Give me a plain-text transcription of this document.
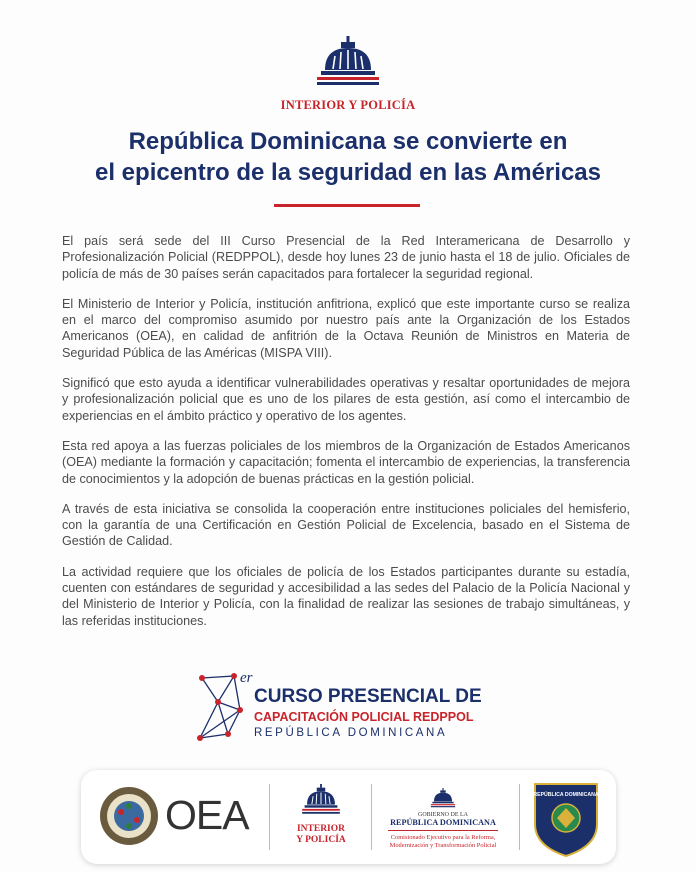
INTERIOR Y POLICÍA
República Dominicana se convierte en
el epicentro de la seguridad en las Américas

El país será sede del III Curso Presencial de la Red Interamericana de Desarrollo y Profesionalización Policial (REDPPOL), desde hoy lunes 23 de junio hasta el 18 de julio. Oficiales de policía de más de 30 países serán capacitados para fortalecer la seguridad regional.

El Ministerio de Interior y Policía, institución anfitriona, explicó que este importante curso se realiza en el marco del compromiso asumido por nuestro país ante la Organización de los Estados Americanos (OEA), en calidad de anfitrión de la Octava Reunión de Ministros en Materia de Seguridad Pública de las Américas (MISPA VIII).

Significó que esto ayuda a identificar vulnerabilidades operativas y resaltar oportunidades de mejora y profesionalización policial que es uno de los pilares de esta gestión, así como el intercambio de experiencias en el ámbito práctico y operativo de los agentes.

Esta red apoya a las fuerzas policiales de los miembros de la Organización de Estados Americanos (OEA) mediante la formación y capacitación; fomenta el intercambio de experiencias, la transferencia de conocimientos y la adopción de buenas prácticas en la gestión policial.

A través de esta iniciativa se consolida la cooperación entre instituciones policiales del hemisferio, con la garantía de una Certificación en Gestión Policial de Excelencia, basado en el Sistema de Gestión de Calidad.

La actividad requiere que los oficiales de policía de los Estados participantes durante su estadía, cuenten con estándares de seguridad y accesibilidad a las sedes del Palacio de la Policía Nacional y del Ministerio de Interior y Policía, con la finalidad de realizar las sesiones de trabajo simultáneas, y las referidas instituciones.

er
CURSO PRESENCIAL DE
CAPACITACIÓN POLICIAL REDPPOL
REPÚBLICA DOMINICANA
OEA	INTERIOR
Y POLICÍA
GOBIERNO DE LA
REPÚBLICA DOMINICANA
Comisionado Ejecutivo para la Reforma,
Modernización y Transformación Policial
REPÚBLICA DOMINICANA
